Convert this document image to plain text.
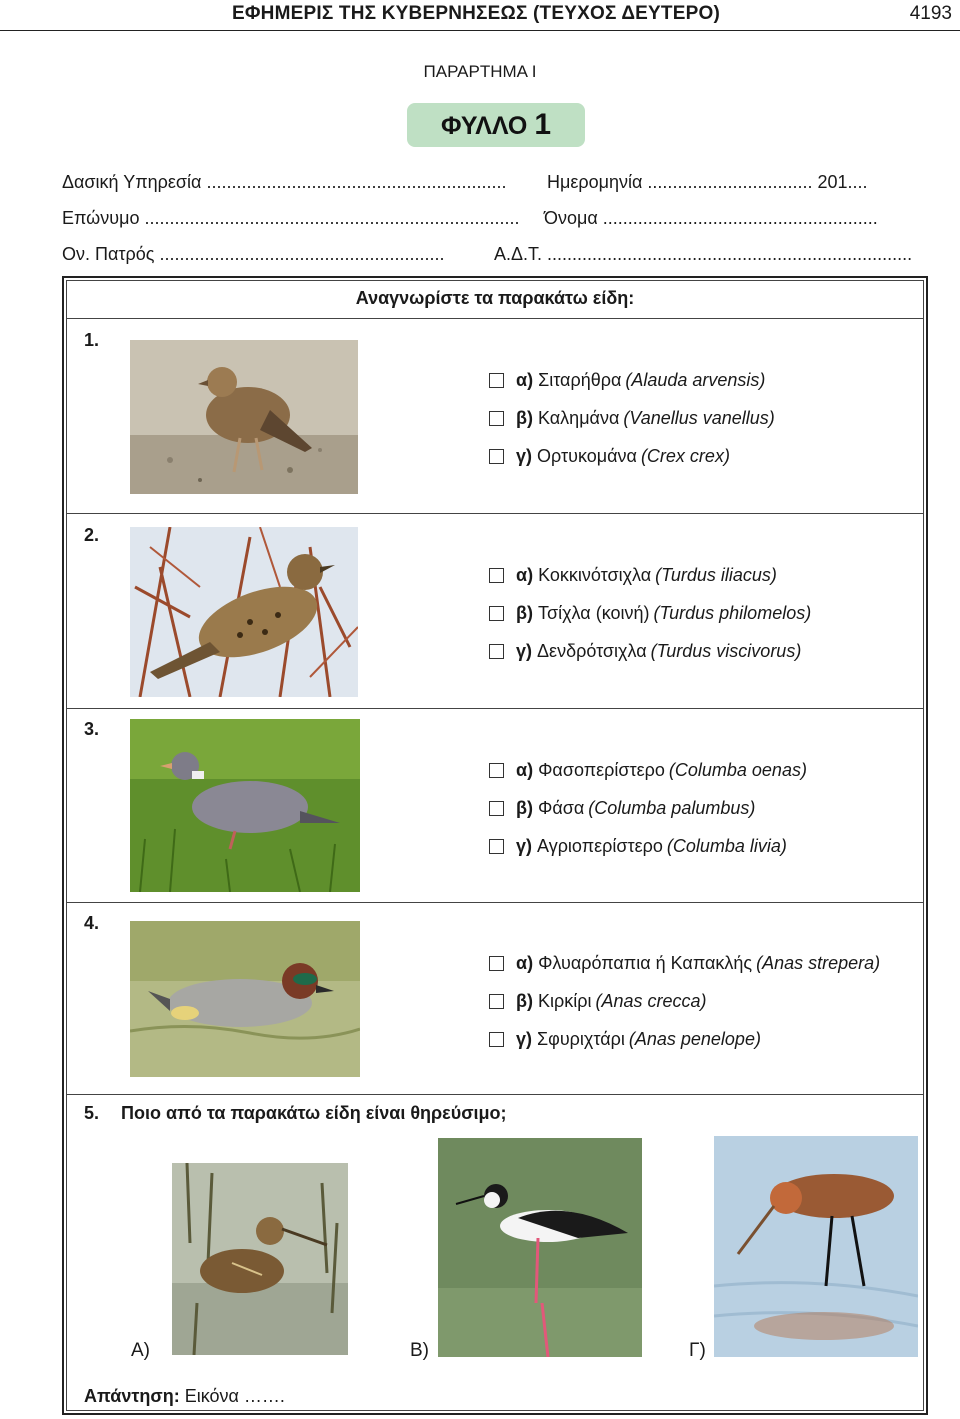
ΕΦΗΜΕΡΙΣ ΤΗΣ ΚΥΒΕΡΝΗΣΕΩΣ (ΤΕΥΧΟΣ ΔΕΥΤΕΡΟ)	4193
ΠΑΡΑΡΤΗΜΑ Ι
ΦΥΛΛΟ 1
Δασική Υπηρεσία ............................................................ Ημερομηνία ................................. 201....
Επώνυμο ........................................................................... Όνομα .......................................................
Ον. Πατρός .........................................................	Α.Δ.Τ. .........................................................................
Αναγνωρίστε τα παρακάτω είδη:
1.
α) Σιταρήθρα (Alauda arvensis)
β) Καλημάνα (Vanellus vanellus)
γ) Ορτυκομάνα (Crex crex)
2.
α) Κοκκινότσιχλα (Turdus iliacus)
β) Τσίχλα (κοινή) (Turdus philomelos)
γ) Δενδρότσιχλα (Turdus viscivorus)
3.
α) Φασοπερίστερο (Columba oenas)
β) Φάσα (Columba palumbus)
γ) Αγριοπερίστερο (Columba livia)
4.
α) Φλυαρόπαπια ή Καπακλής (Anas strepera)
β) Κιρκίρι (Anas crecca)
γ) Σφυριχτάρι (Anas penelope)
5. Ποιο από τα παρακάτω είδη είναι θηρεύσιμο;
Α)	Β)	Γ)
Απάντηση: Εικόνα …….
